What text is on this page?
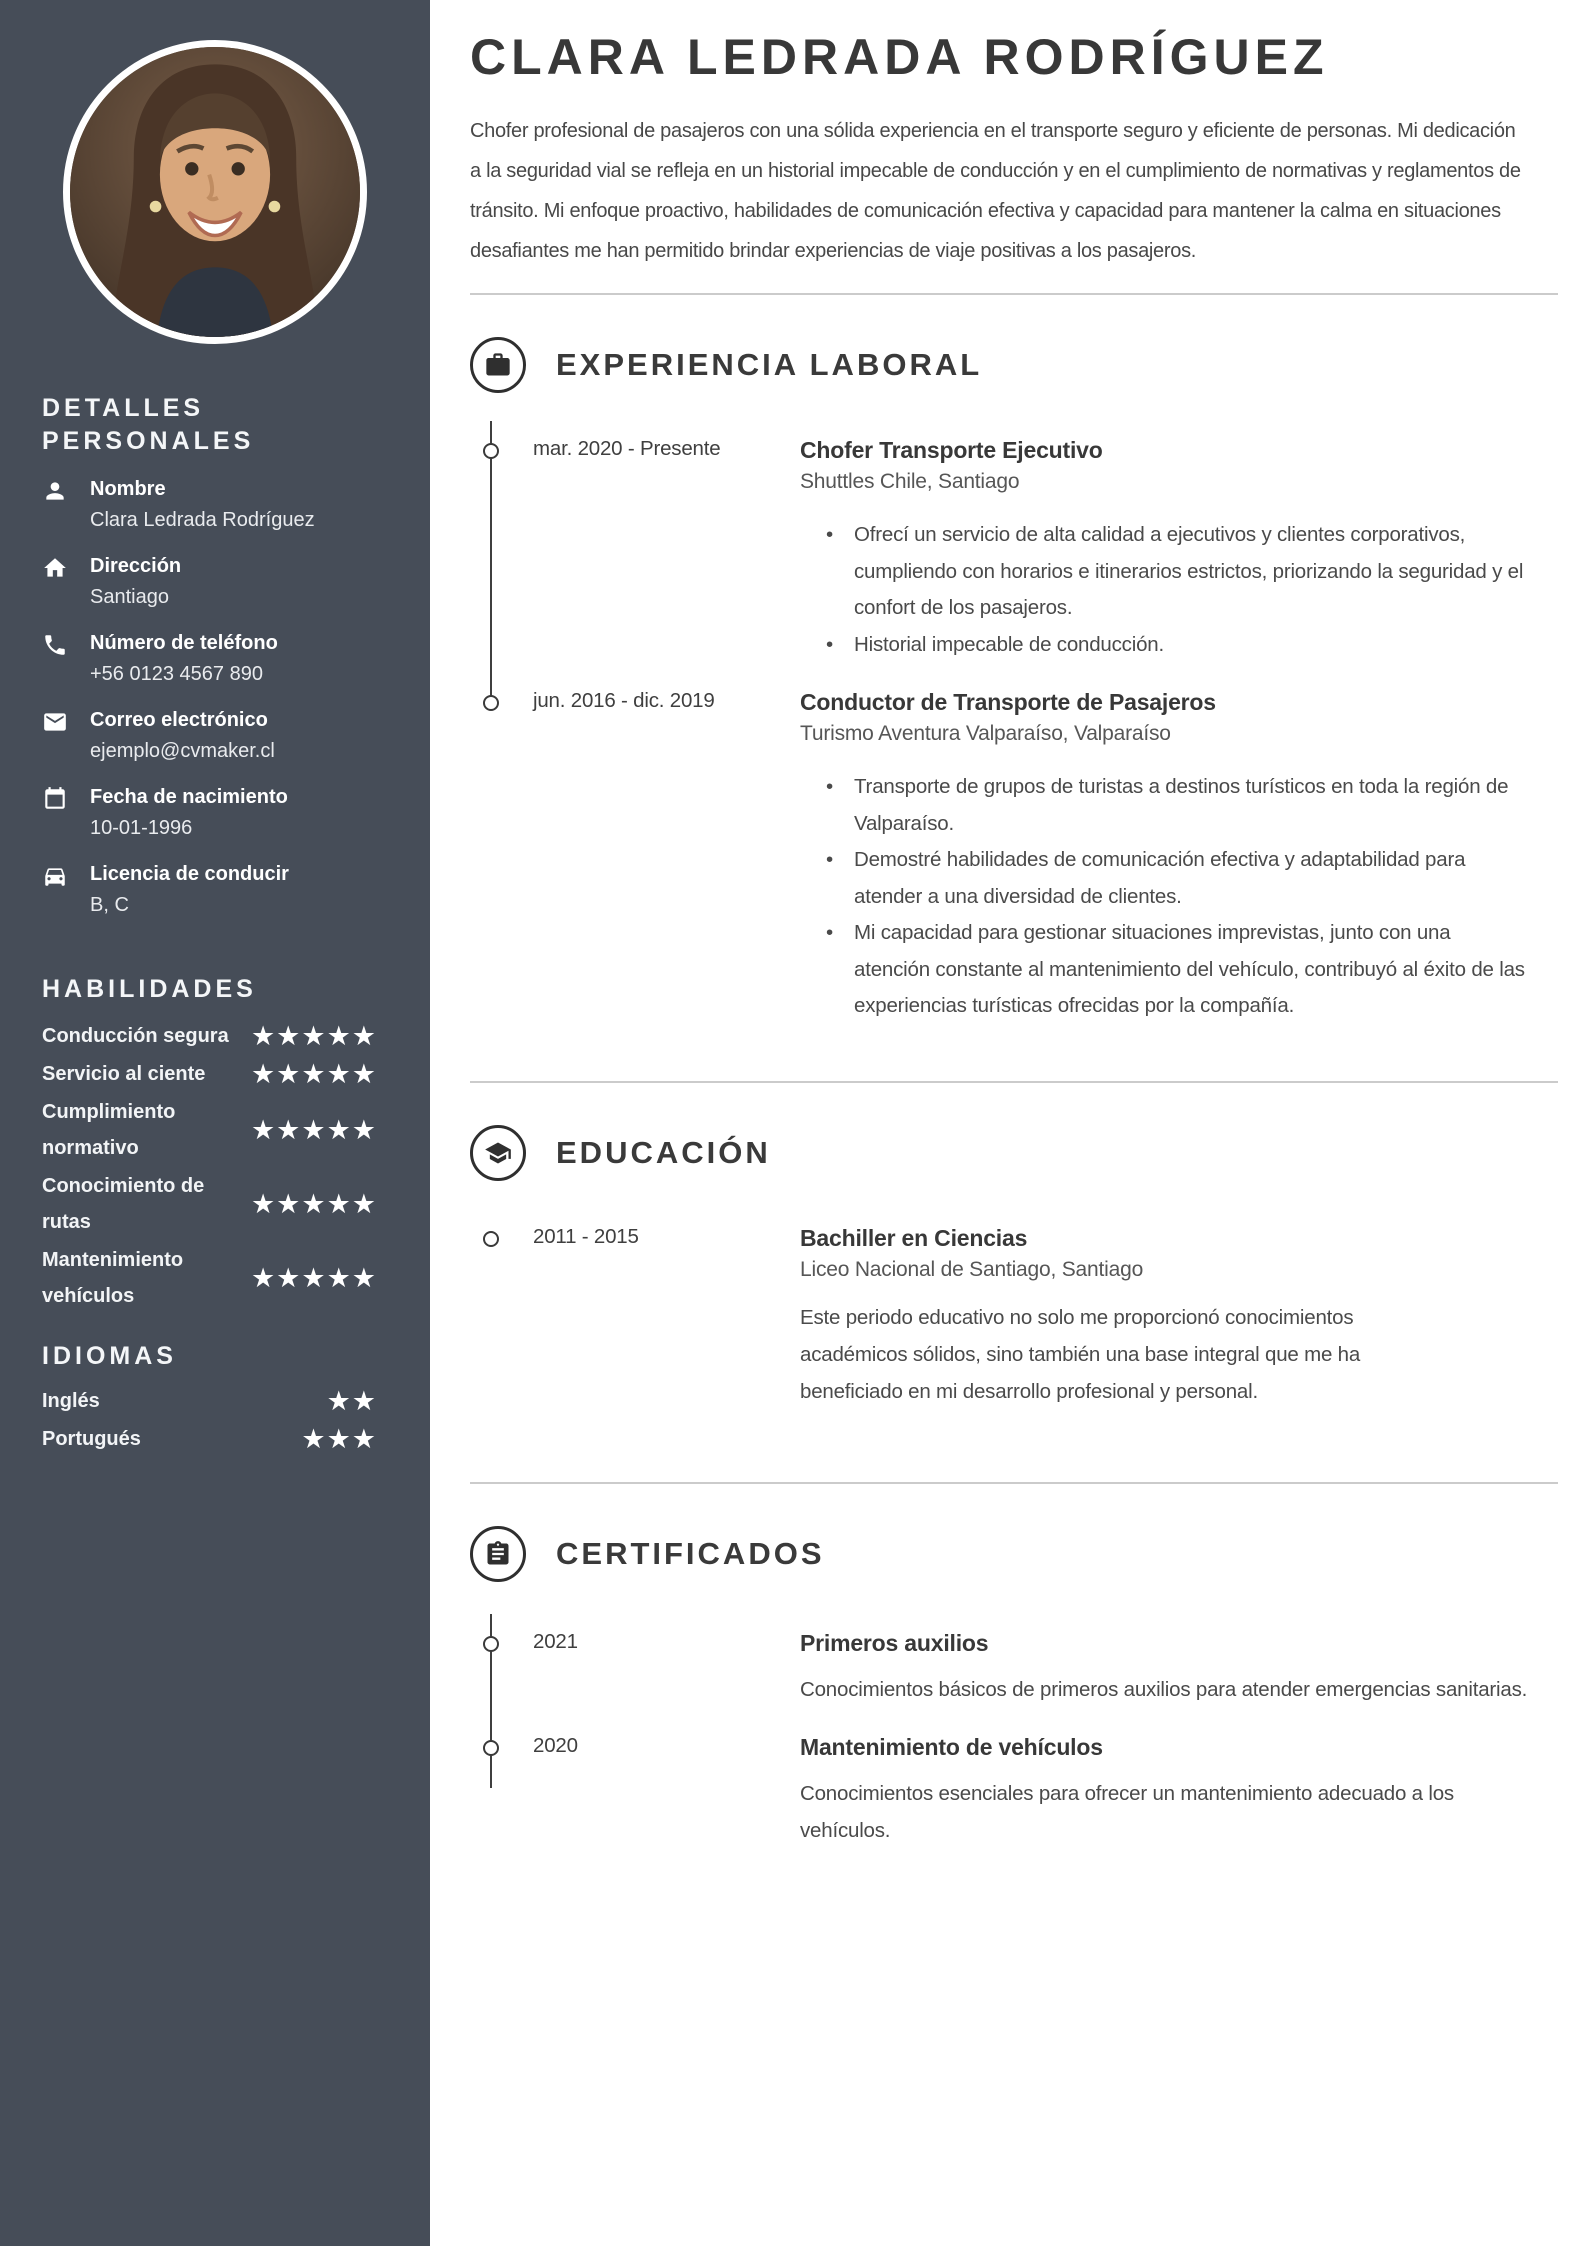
DETALLES PERSONALES
Nombre
Clara Ledrada Rodríguez
Dirección
Santiago
Número de teléfono
+56 0123 4567 890
Correo electrónico
ejemplo@cvmaker.cl
Fecha de nacimiento
10-01-1996
Licencia de conducir
B, C
HABILIDADES
Conducción segura ★★★★★
Servicio al ciente ★★★★★
Cumplimiento normativo
★★★★★
Conocimiento de rutas
★★★★★
Mantenimiento vehículos
★★★★★
IDIOMAS
Inglés	★★
Portugués	★★★
CLARA LEDRADA RODRÍGUEZ

Chofer profesional de pasajeros con una sólida experiencia en el transporte seguro y eficiente de personas. Mi dedicación a la seguridad vial se refleja en un historial impecable de conducción y en el cumplimiento de normativas y reglamentos de tránsito. Mi enfoque proactivo, habilidades de comunicación efectiva y capacidad para mantener la calma en situaciones desafiantes me han permitido brindar experiencias de viaje positivas a los pasajeros.

EXPERIENCIA LABORAL
mar. 2020 - Presente	Chofer Transporte Ejecutivo
Shuttles Chile, Santiago
• Ofrecí un servicio de alta calidad a ejecutivos y clientes corporativos, cumpliendo con horarios e itinerarios estrictos, priorizando la seguridad y el confort de los pasajeros.
• Historial impecable de conducción.
jun. 2016 - dic. 2019	Conductor de Transporte de Pasajeros
Turismo Aventura Valparaíso, Valparaíso
• Transporte de grupos de turistas a destinos turísticos en toda la región de Valparaíso.
• Demostré habilidades de comunicación efectiva y adaptabilidad para atender a una diversidad de clientes.
• Mi capacidad para gestionar situaciones imprevistas, junto con una atención constante al mantenimiento del vehículo, contribuyó al éxito de las experiencias turísticas ofrecidas por la compañía.
EDUCACIÓN
2011 - 2015	Bachiller en Ciencias
Liceo Nacional de Santiago, Santiago
Este periodo educativo no solo me proporcionó conocimientos académicos sólidos, sino también una base integral que me ha beneficiado en mi desarrollo profesional y personal.
CERTIFICADOS
2021	Primeros auxilios
Conocimientos básicos de primeros auxilios para atender emergencias sanitarias.
2020	Mantenimiento de vehículos
Conocimientos esenciales para ofrecer un mantenimiento adecuado a los vehículos.
